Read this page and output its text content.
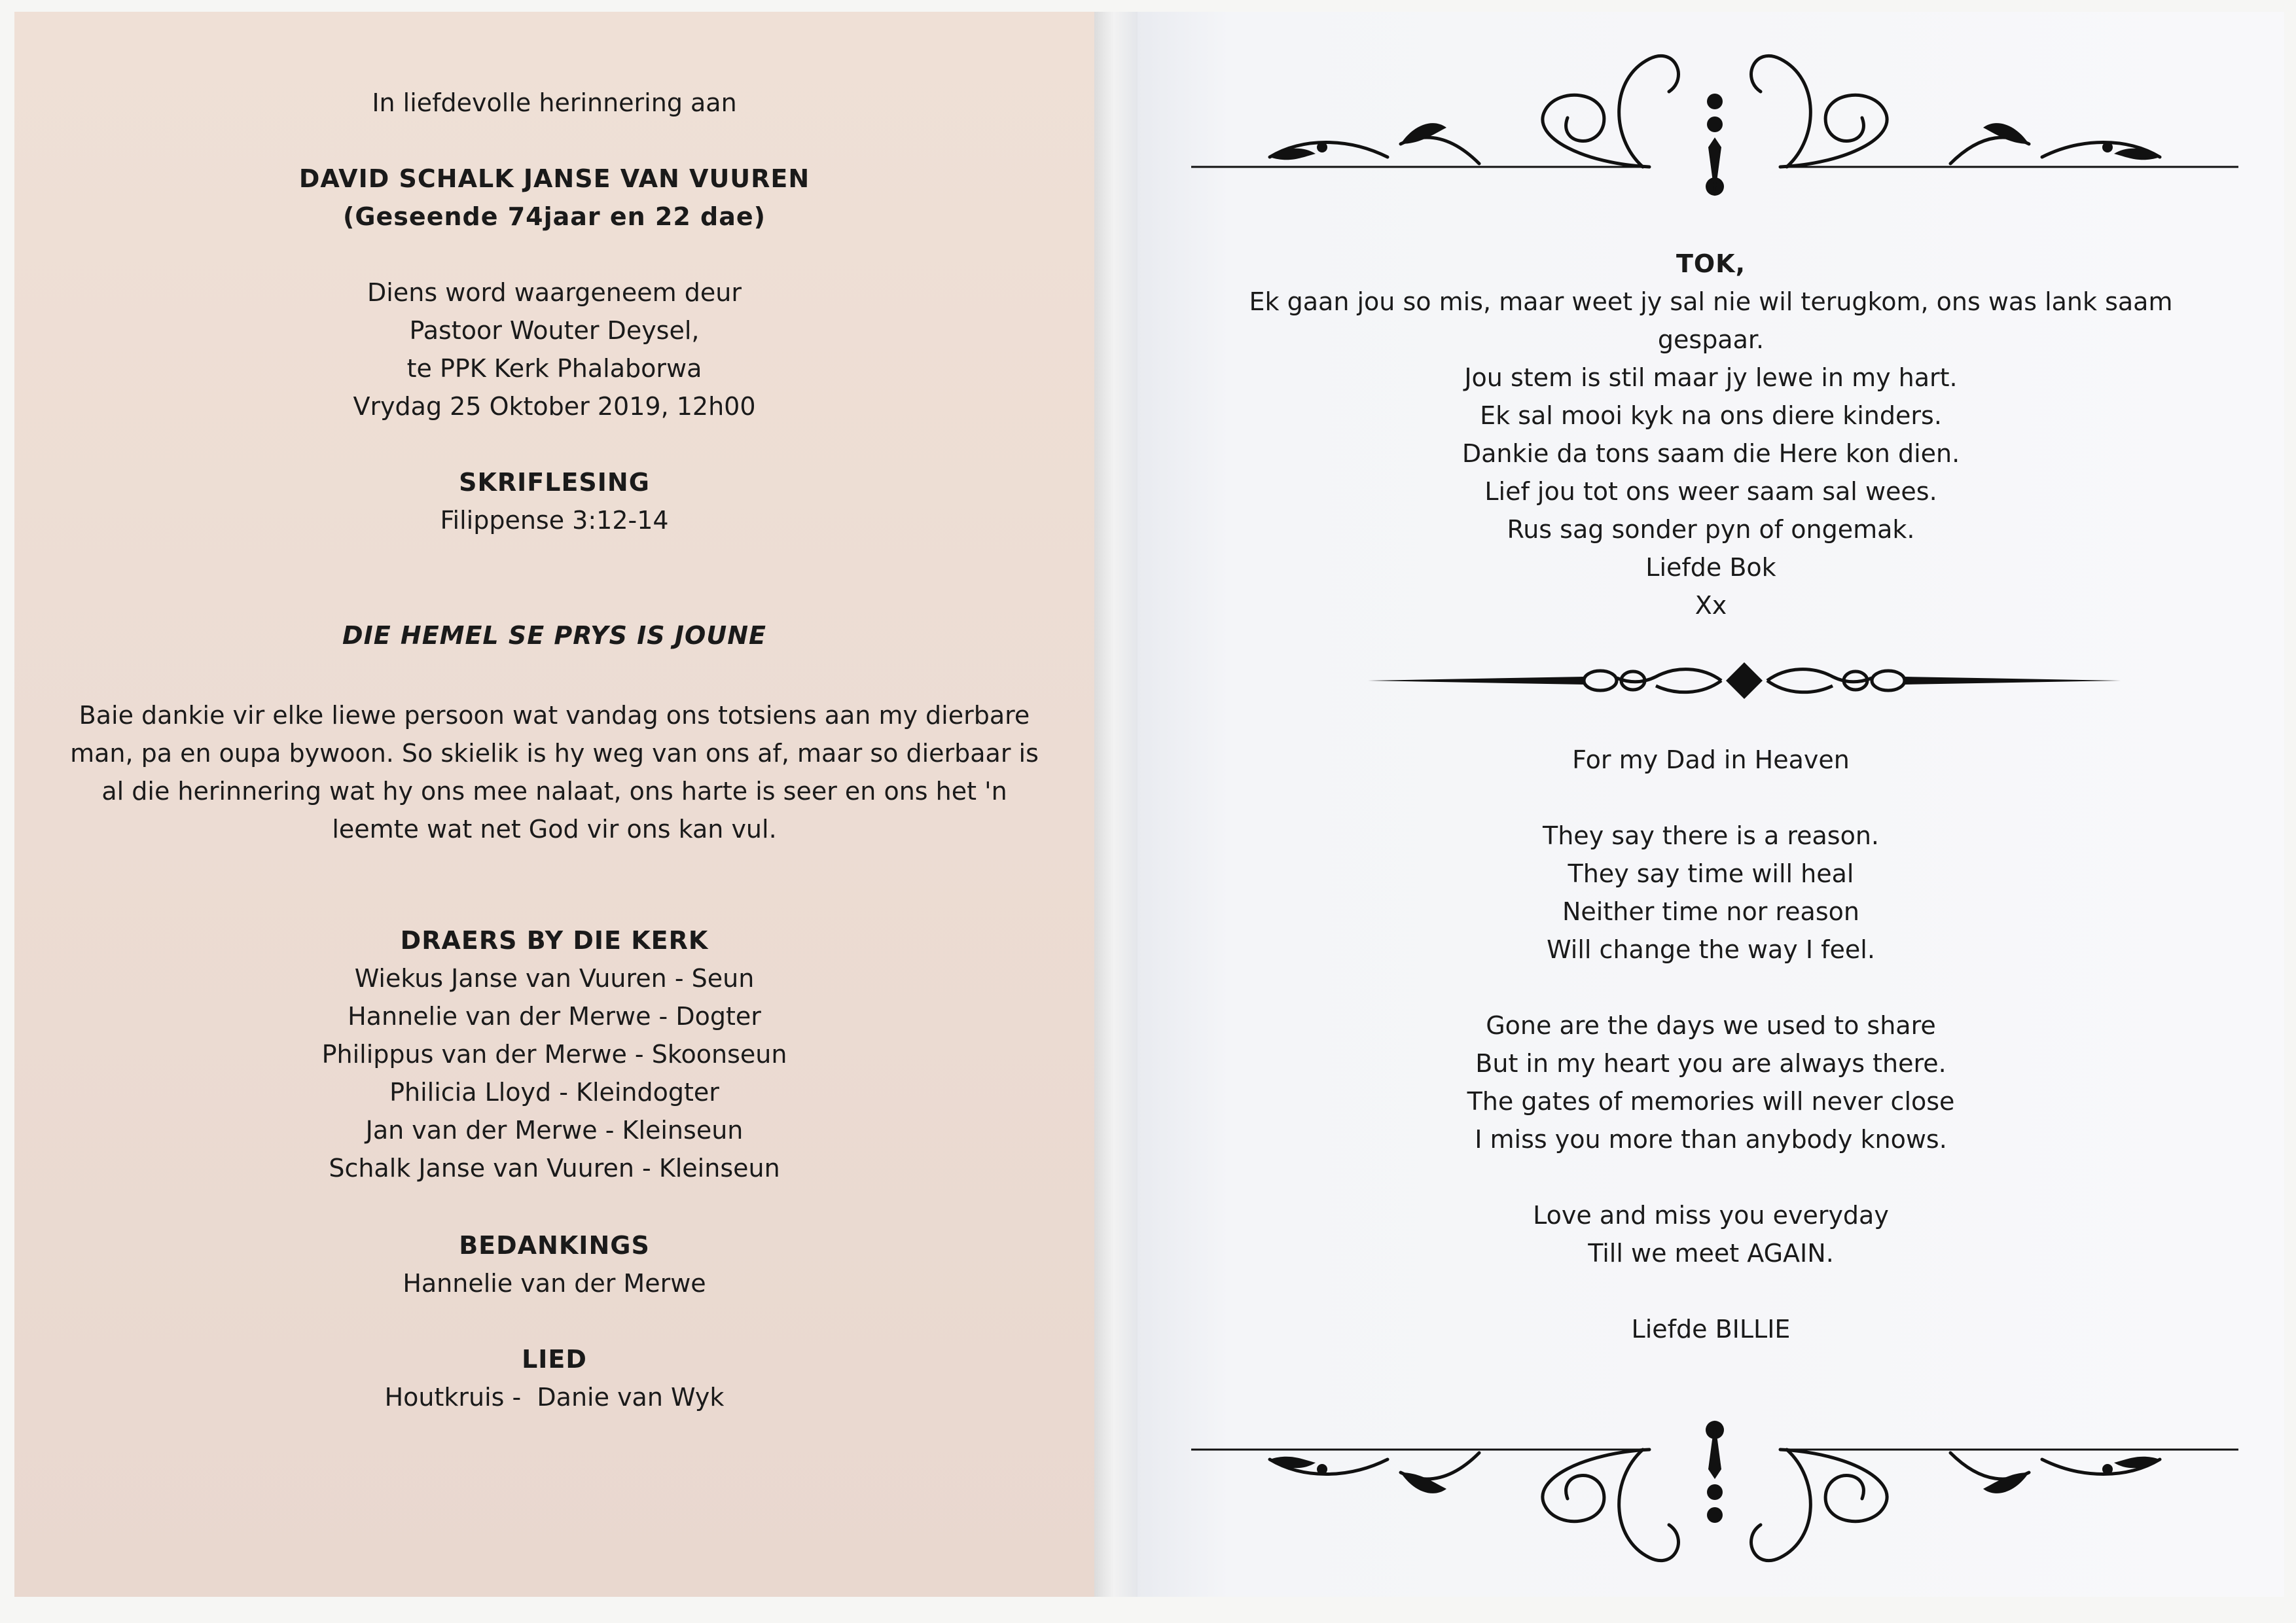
In liefdevolle herinnering aan
DAVID SCHALK JANSE VAN VUUREN
(Geseende 74jaar en 22 dae)
Diens word waargeneem deur
Pastoor Wouter Deysel,
te PPK Kerk Phalaborwa
Vrydag 25 Oktober 2019, 12h00
SKRIFLESING
Filippense 3:12-14
DIE HEMEL SE PRYS IS JOUNE
Baie dankie vir elke liewe persoon wat vandag ons totsiens aan my dierbare man, pa en oupa bywoon. So skielik is hy weg van ons af, maar so dierbaar is al die herinnering wat hy ons mee nalaat, ons harte is seer en ons het 'n leemte wat net God vir ons kan vul.
DRAERS BY DIE KERK
Wiekus Janse van Vuuren - Seun
Hannelie van der Merwe - Dogter
Philippus van der Merwe - Skoonseun
Philicia Lloyd - Kleindogter
Jan van der Merwe - Kleinseun
Schalk Janse van Vuuren - Kleinseun
BEDANKINGS
Hannelie van der Merwe
LIED
Houtkruis -  Danie van Wyk
TOK,
Ek gaan jou so mis, maar weet jy sal nie wil terugkom, ons was lank saam
gespaar.
Jou stem is stil maar jy lewe in my hart.
Ek sal mooi kyk na ons diere kinders.
Dankie da tons saam die Here kon dien.
Lief jou tot ons weer saam sal wees.
Rus sag sonder pyn of ongemak.
Liefde Bok
Xx
For my Dad in Heaven
They say there is a reason.
They say time will heal
Neither time nor reason
Will change the way I feel.
Gone are the days we used to share
But in my heart you are always there.
The gates of memories will never close
I miss you more than anybody knows.
Love and miss you everyday
Till we meet AGAIN.
Liefde BILLIE
